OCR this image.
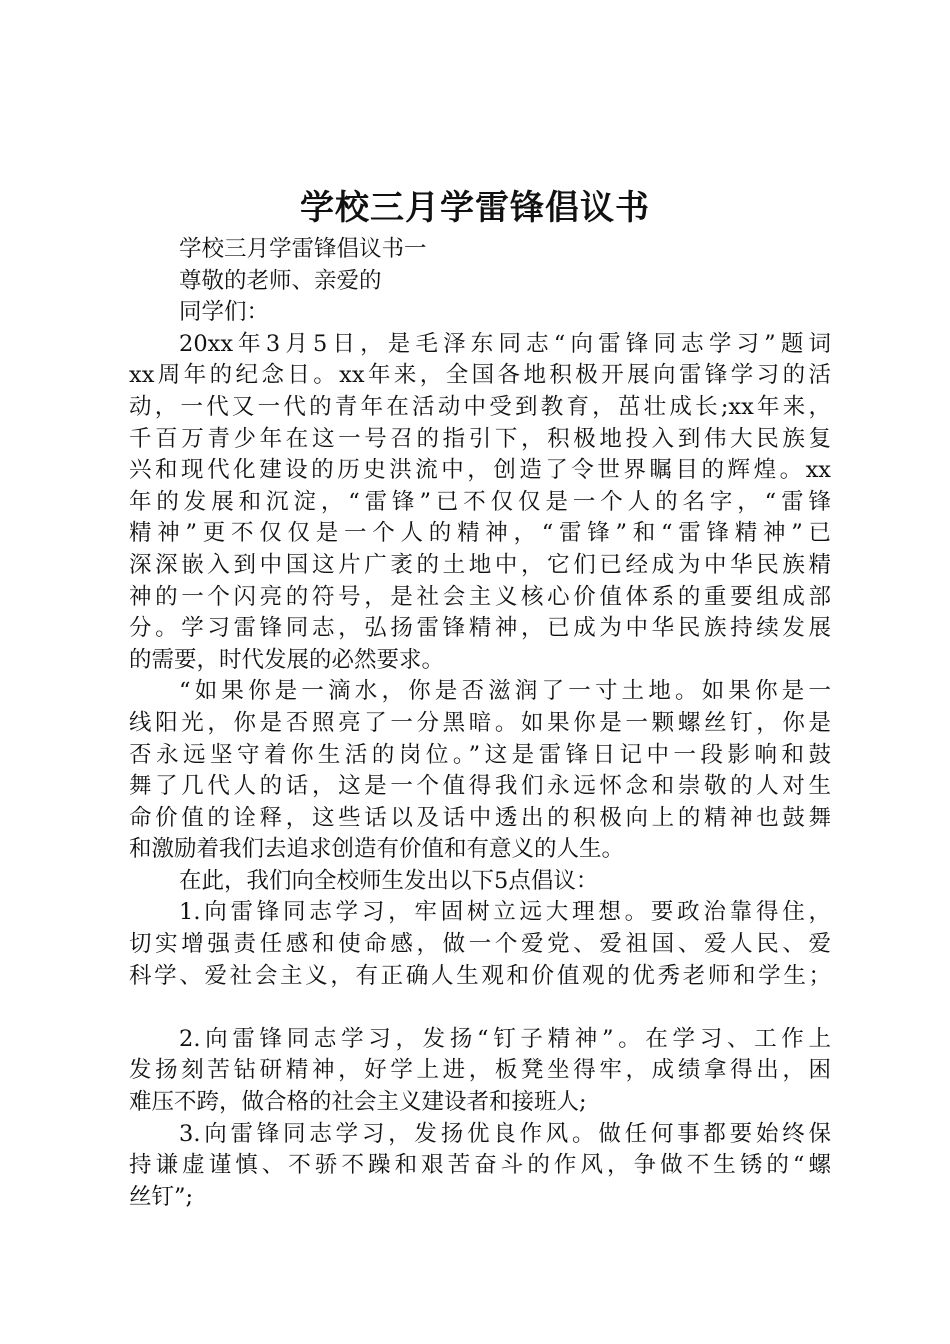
学校三月学雷锋倡议书
学校三月学雷锋倡议书一
尊敬的老师、亲爱的
同学们：
20xx年3月5日，是毛泽东同志“向雷锋同志学习”题词
xx周年的纪念日。xx年来，全国各地积极开展向雷锋学习的活
动，一代又一代的青年在活动中受到教育，茁壮成长;xx年来，
千百万青少年在这一号召的指引下，积极地投入到伟大民族复
兴和现代化建设的历史洪流中，创造了令世界瞩目的辉煌。xx
年的发展和沉淀，“雷锋”已不仅仅是一个人的名字，“雷锋
精神”更不仅仅是一个人的精神，“雷锋”和“雷锋精神”已
深深嵌入到中国这片广袤的土地中，它们已经成为中华民族精
神的一个闪亮的符号，是社会主义核心价值体系的重要组成部
分。学习雷锋同志，弘扬雷锋精神，已成为中华民族持续发展
的需要，时代发展的必然要求。
“如果你是一滴水，你是否滋润了一寸土地。如果你是一
线阳光，你是否照亮了一分黑暗。如果你是一颗螺丝钉，你是
否永远坚守着你生活的岗位。”这是雷锋日记中一段影响和鼓
舞了几代人的话，这是一个值得我们永远怀念和崇敬的人对生
命价值的诠释，这些话以及话中透出的积极向上的精神也鼓舞
和激励着我们去追求创造有价值和有意义的人生。
在此，我们向全校师生发出以下5点倡议：
1.向雷锋同志学习，牢固树立远大理想。要政治靠得住，
切实增强责任感和使命感，做一个爱党、爱祖国、爱人民、爱
科学、爱社会主义，有正确人生观和价值观的优秀老师和学生；
2.向雷锋同志学习，发扬“钉子精神”。在学习、工作上
发扬刻苦钻研精神，好学上进，板凳坐得牢，成绩拿得出，困
难压不跨，做合格的社会主义建设者和接班人;
3.向雷锋同志学习，发扬优良作风。做任何事都要始终保
持谦虚谨慎、不骄不躁和艰苦奋斗的作风，争做不生锈的“螺
丝钉”;
